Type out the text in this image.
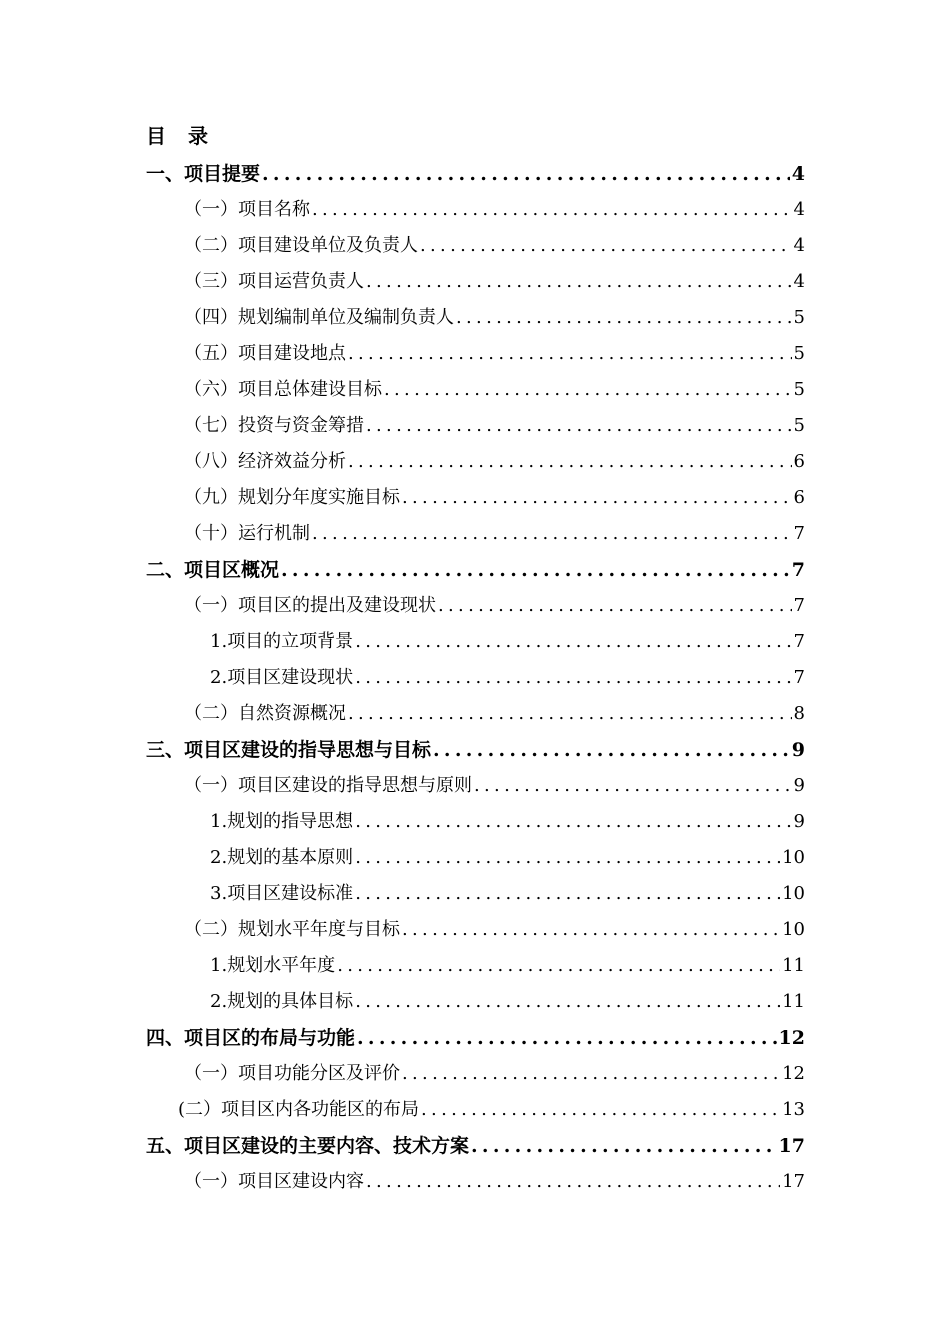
目 录
一、项目提要 .....	4
（一）项目名称 .....	4
（二）项目建设单位及负责人 .....	4
（三）项目运营负责人 .....	4
（四）规划编制单位及编制负责人 .....	5
（五）项目建设地点 .....	5
（六）项目总体建设目标 .....	5
（七）投资与资金筹措 .....	5
（八）经济效益分析 .....	6
（九）规划分年度实施目标 .....	6
（十）运行机制 .....	7
二、项目区概况 .....	7
（一）项目区的提出及建设现状 .....	7
1. 项目的立项背景 .....	7
2. 项目区建设现状 .....	7
（二）自然资源概况 .....	8
三、项目区建设的指导思想与目标 .....	9
（一）项目区建设的指导思想与原则 .....	9
1. 规划的指导思想 .....	9
2. 规划的基本原则 .....	10
3. 项目区建设标准 .....	10
（二）规划水平年度与目标 .....	10
1. 规划水平年度 .....	11
2. 规划的具体目标 .....	11
四、项目区的布局与功能 .....	12
（一）项目功能分区及评价 .....	12
(二）项目区内各功能区的布局 .....	13
五、项目区建设的主要内容、技术方案 .....	17
（一）项目区建设内容 .....	17
